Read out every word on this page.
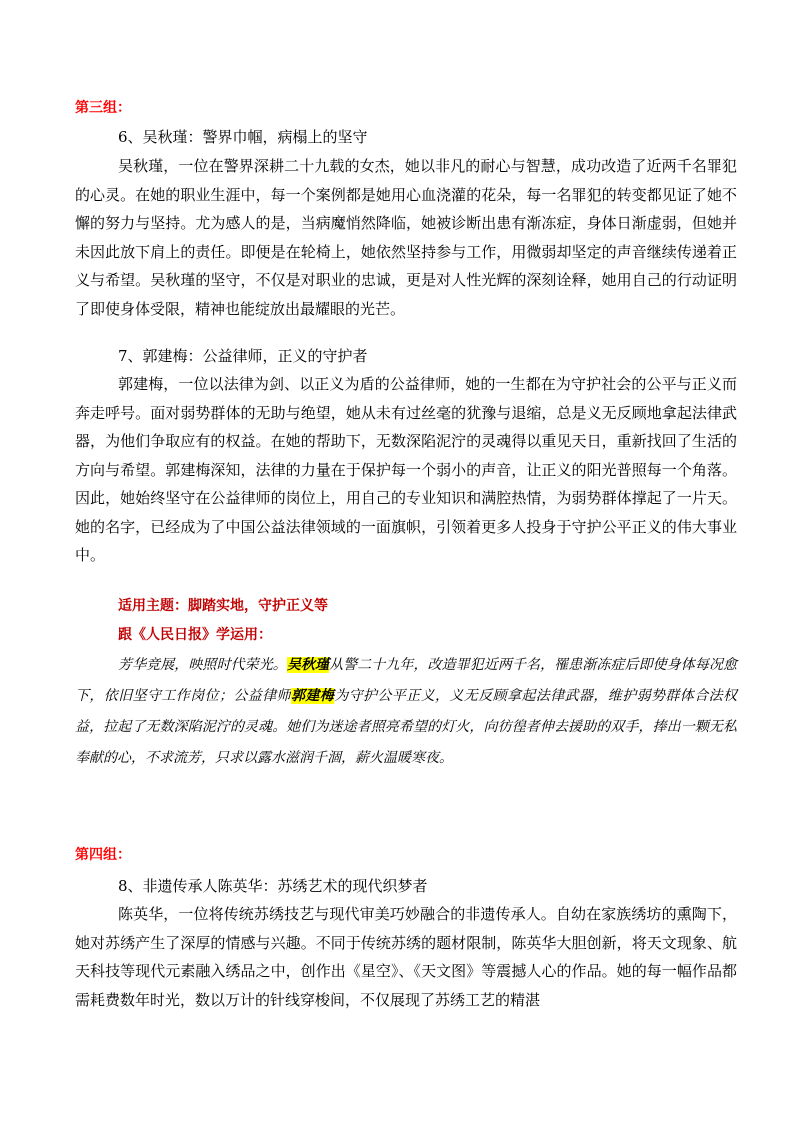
第三组：
6、吴秋瑾：警界巾帼，病榻上的坚守

吴秋瑾，一位在警界深耕二十九载的女杰，她以非凡的耐心与智慧，成功改造了近两千名罪犯的心灵。在她的职业生涯中，每一个案例都是她用心血浇灌的花朵，每一名罪犯的转变都见证了她不懈的努力与坚持。尤为感人的是，当病魔悄然降临，她被诊断出患有渐冻症，身体日渐虚弱，但她并未因此放下肩上的责任。即便是在轮椅上，她依然坚持参与工作，用微弱却坚定的声音继续传递着正义与希望。吴秋瑾的坚守，不仅是对职业的忠诚，更是对人性光辉的深刻诠释，她用自己的行动证明了即使身体受限，精神也能绽放出最耀眼的光芒。

7、郭建梅：公益律师，正义的守护者

郭建梅，一位以法律为剑、以正义为盾的公益律师，她的一生都在为守护社会的公平与正义而奔走呼号。面对弱势群体的无助与绝望，她从未有过丝毫的犹豫与退缩，总是义无反顾地拿起法律武器，为他们争取应有的权益。在她的帮助下，无数深陷泥泞的灵魂得以重见天日，重新找回了生活的方向与希望。郭建梅深知，法律的力量在于保护每一个弱小的声音，让正义的阳光普照每一个角落。因此，她始终坚守在公益律师的岗位上，用自己的专业知识和满腔热情，为弱势群体撑起了一片天。她的名字，已经成为了中国公益法律领域的一面旗帜，引领着更多人投身于守护公平正义的伟大事业中。

适用主题：脚踏实地，守护正义等
跟《人民日报》学运用：

芳华竞展，映照时代荣光。吴秋瑾从警二十九年，改造罪犯近两千名，罹患渐冻症后即使身体每况愈下，依旧坚守工作岗位；公益律师郭建梅为守护公平正义，义无反顾拿起法律武器，维护弱势群体合法权益，拉起了无数深陷泥泞的灵魂。她们为迷途者照亮希望的灯火，向彷徨者伸去援助的双手，捧出一颗无私奉献的心，不求流芳，只求以露水滋润千涸，薪火温暖寒夜。

第四组：
8、非遗传承人陈英华：苏绣艺术的现代织梦者

陈英华，一位将传统苏绣技艺与现代审美巧妙融合的非遗传承人。自幼在家族绣坊的熏陶下，她对苏绣产生了深厚的情感与兴趣。不同于传统苏绣的题材限制，陈英华大胆创新，将天文现象、航天科技等现代元素融入绣品之中，创作出《星空》、《天文图》等震撼人心的作品。她的每一幅作品都需耗费数年时光，数以万计的针线穿梭间，不仅展现了苏绣工艺的精湛
